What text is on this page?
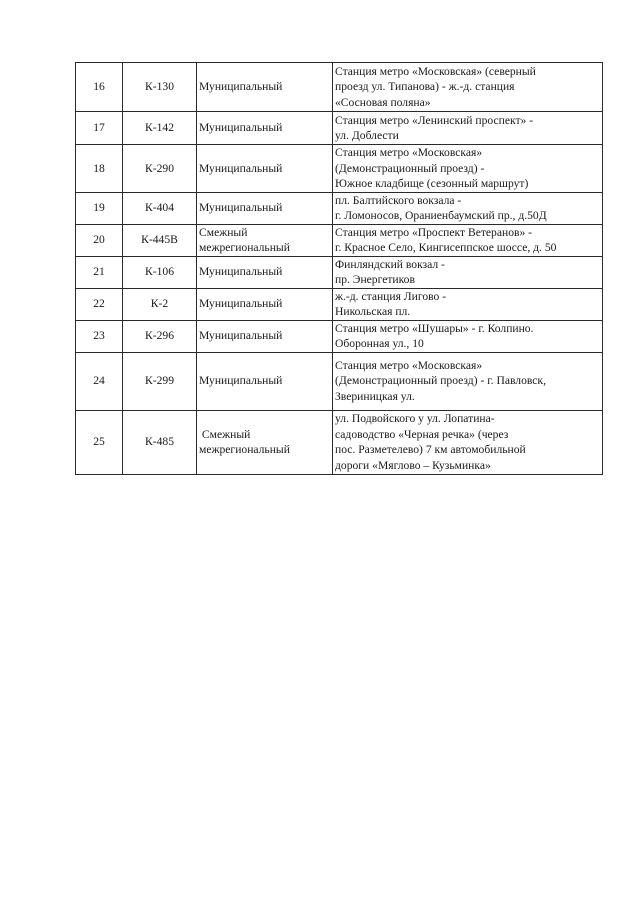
16	К-130	Муниципальный	Станция метро «Московская» (северный
проезд ул. Типанова) - ж.-д. станция
«Сосновая поляна»

17	К-142	Муниципальный	Станция метро «Ленинский проспект» -
ул. Доблести

18	К-290	Муниципальный	Станция метро «Московская»
(Демонстрационный проезд) -
Южное кладбище (сезонный маршрут)

19	К-404	Муниципальный	пл. Балтийского вокзала -
г. Ломоносов, Ораниенбаумский пр., д.50Д

20	К-445В	Смежный
межрегиональный	Станция метро «Проспект Ветеранов» -
г. Красное Село, Кингисеппское шоссе, д. 50

21	К-106	Муниципальный	Финляндский вокзал -
пр. Энергетиков

22	К-2	Муниципальный	ж.-д. станция Лигово -
Никольская пл.

23	К-296	Муниципальный	Станция метро «Шушары» - г. Колпино.
Оборонная ул., 10

24	К-299	Муниципальный	Станция метро «Московская»
(Демонстрационный проезд) - г. Павловск,
Звериницкая ул.

25	К-485	Смежный
межрегиональный	ул. Подвойского у ул. Лопатина-
садоводство «Черная речка» (через
пос. Разметелево) 7 км автомобильной
дороги «Мяглово – Кузьминка»
